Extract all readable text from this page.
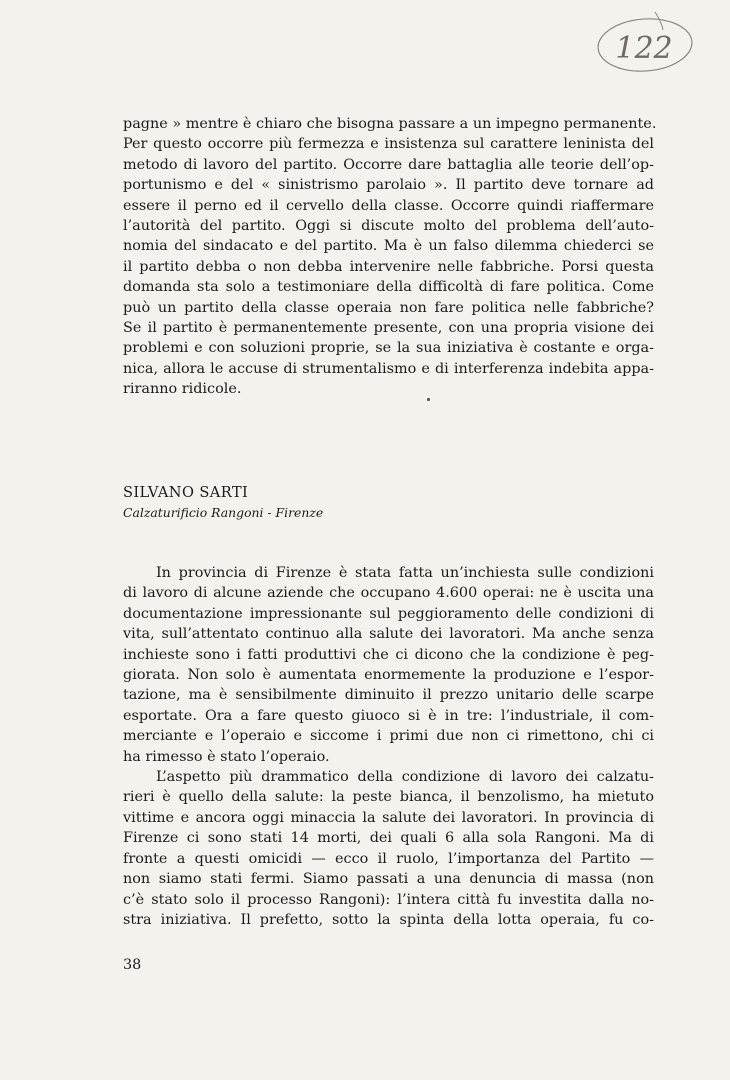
122
pagne » mentre è chiaro che bisogna passare a un impegno permanente.
Per questo occorre più fermezza e insistenza sul carattere leninista del
metodo di lavoro del partito. Occorre dare battaglia alle teorie dell’op-
portunismo e del « sinistrismo parolaio ». Il partito deve tornare ad
essere il perno ed il cervello della classe. Occorre quindi riaffermare
l’autorità del partito. Oggi si discute molto del problema dell’auto-
nomia del sindacato e del partito. Ma è un falso dilemma chiederci se
il partito debba o non debba intervenire nelle fabbriche. Porsi questa
domanda sta solo a testimoniare della difficoltà di fare politica. Come
può un partito della classe operaia non fare politica nelle fabbriche?
Se il partito è permanentemente presente, con una propria visione dei
problemi e con soluzioni proprie, se la sua iniziativa è costante e orga-
nica, allora le accuse di strumentalismo e di interferenza indebita appa-
riranno ridicole.
SILVANO SARTI
Calzaturificio Rangoni - Firenze
In provincia di Firenze è stata fatta un’inchiesta sulle condizioni
di lavoro di alcune aziende che occupano 4.600 operai: ne è uscita una
documentazione impressionante sul peggioramento delle condizioni di
vita, sull’attentato continuo alla salute dei lavoratori. Ma anche senza
inchieste sono i fatti produttivi che ci dicono che la condizione è peg-
giorata. Non solo è aumentata enormemente la produzione e l’espor-
tazione, ma è sensibilmente diminuito il prezzo unitario delle scarpe
esportate. Ora a fare questo giuoco si è in tre: l’industriale, il com-
merciante e l’operaio e siccome i primi due non ci rimettono, chi ci
ha rimesso è stato l’operaio.
L’aspetto più drammatico della condizione di lavoro dei calzatu-
rieri è quello della salute: la peste bianca, il benzolismo, ha mietuto
vittime e ancora oggi minaccia la salute dei lavoratori. In provincia di
Firenze ci sono stati 14 morti, dei quali 6 alla sola Rangoni. Ma di
fronte a questi omicidi — ecco il ruolo, l’importanza del Partito —
non siamo stati fermi. Siamo passati a una denuncia di massa (non
c’è stato solo il processo Rangoni): l’intera città fu investita dalla no-
stra iniziativa. Il prefetto, sotto la spinta della lotta operaia, fu co-
38
